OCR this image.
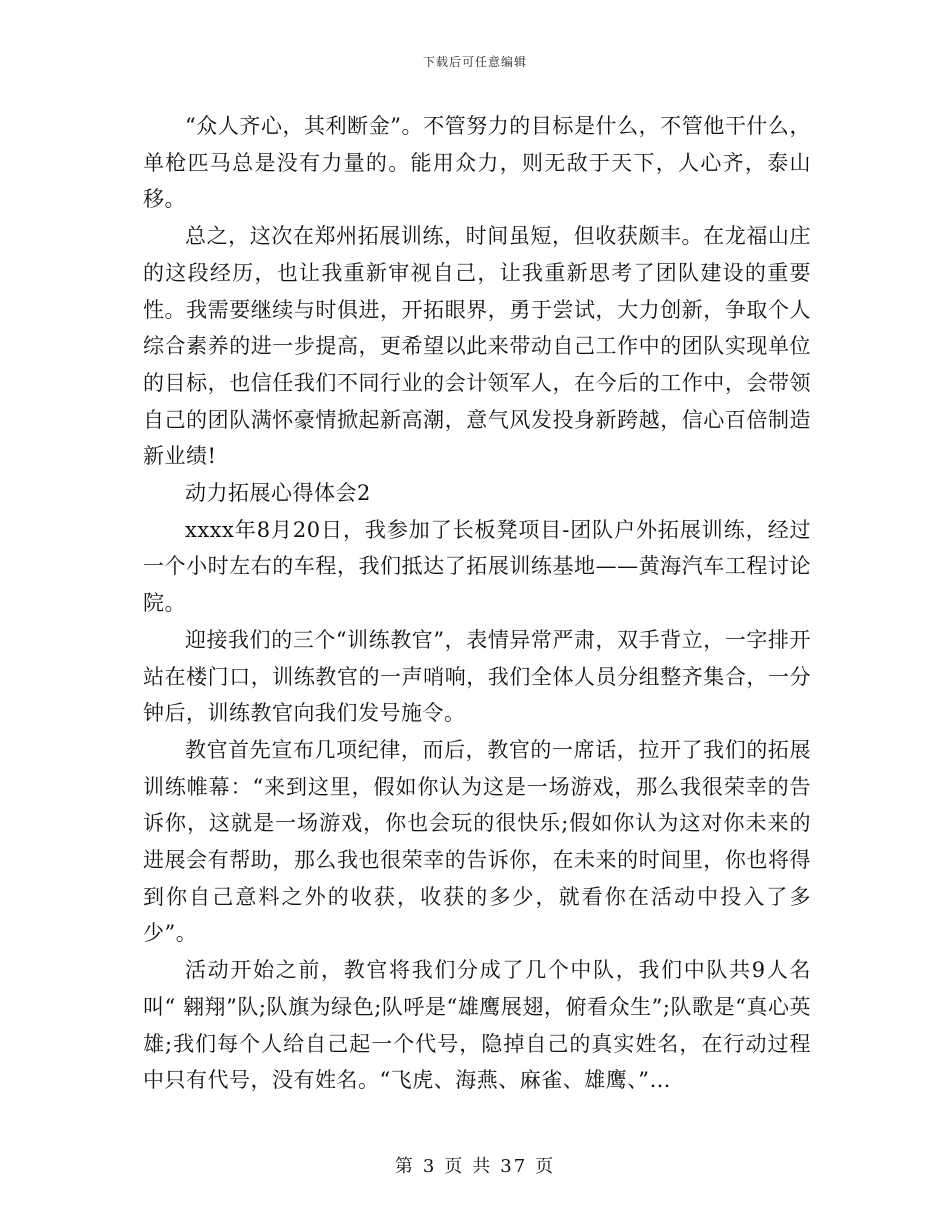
下载后可任意编辑

“众人齐心，其利断金”。不管努力的目标是什么，不管他干什么，单枪匹马总是没有力量的。能用众力，则无敌于天下，人心齐，泰山移。

总之，这次在郑州拓展训练，时间虽短，但收获颇丰。在龙福山庄的这段经历，也让我重新审视自己，让我重新思考了团队建设的重要性。我需要继续与时俱进，开拓眼界，勇于尝试，大力创新，争取个人综合素养的进一步提高，更希望以此来带动自己工作中的团队实现单位的目标，也信任我们不同行业的会计领军人，在今后的工作中，会带领自己的团队满怀豪情掀起新高潮，意气风发投身新跨越，信心百倍制造新业绩!

动力拓展心得体会2

xxxx年8月20日，我参加了长板凳项目-团队户外拓展训练，经过一个小时左右的车程，我们抵达了拓展训练基地——黄海汽车工程讨论院。

迎接我们的三个“训练教官”，表情异常严肃，双手背立，一字排开站在楼门口，训练教官的一声哨响，我们全体人员分组整齐集合，一分钟后，训练教官向我们发号施令。

教官首先宣布几项纪律，而后，教官的一席话，拉开了我们的拓展训练帷幕：“来到这里，假如你认为这是一场游戏，那么我很荣幸的告诉你，这就是一场游戏，你也会玩的很快乐;假如你认为这对你未来的进展会有帮助，那么我也很荣幸的告诉你，在未来的时间里，你也将得到你自己意料之外的收获，收获的多少，就看你在活动中投入了多少”。

活动开始之前，教官将我们分成了几个中队，我们中队共9人名叫“ 翱翔”队;队旗为绿色;队呼是“雄鹰展翅，俯看众生”;队歌是“真心英雄;我们每个人给自己起一个代号，隐掉自己的真实姓名，在行动过程中只有代号，没有姓名。“飞虎、海燕、麻雀、雄鹰、”…

第 3 页 共 37 页
